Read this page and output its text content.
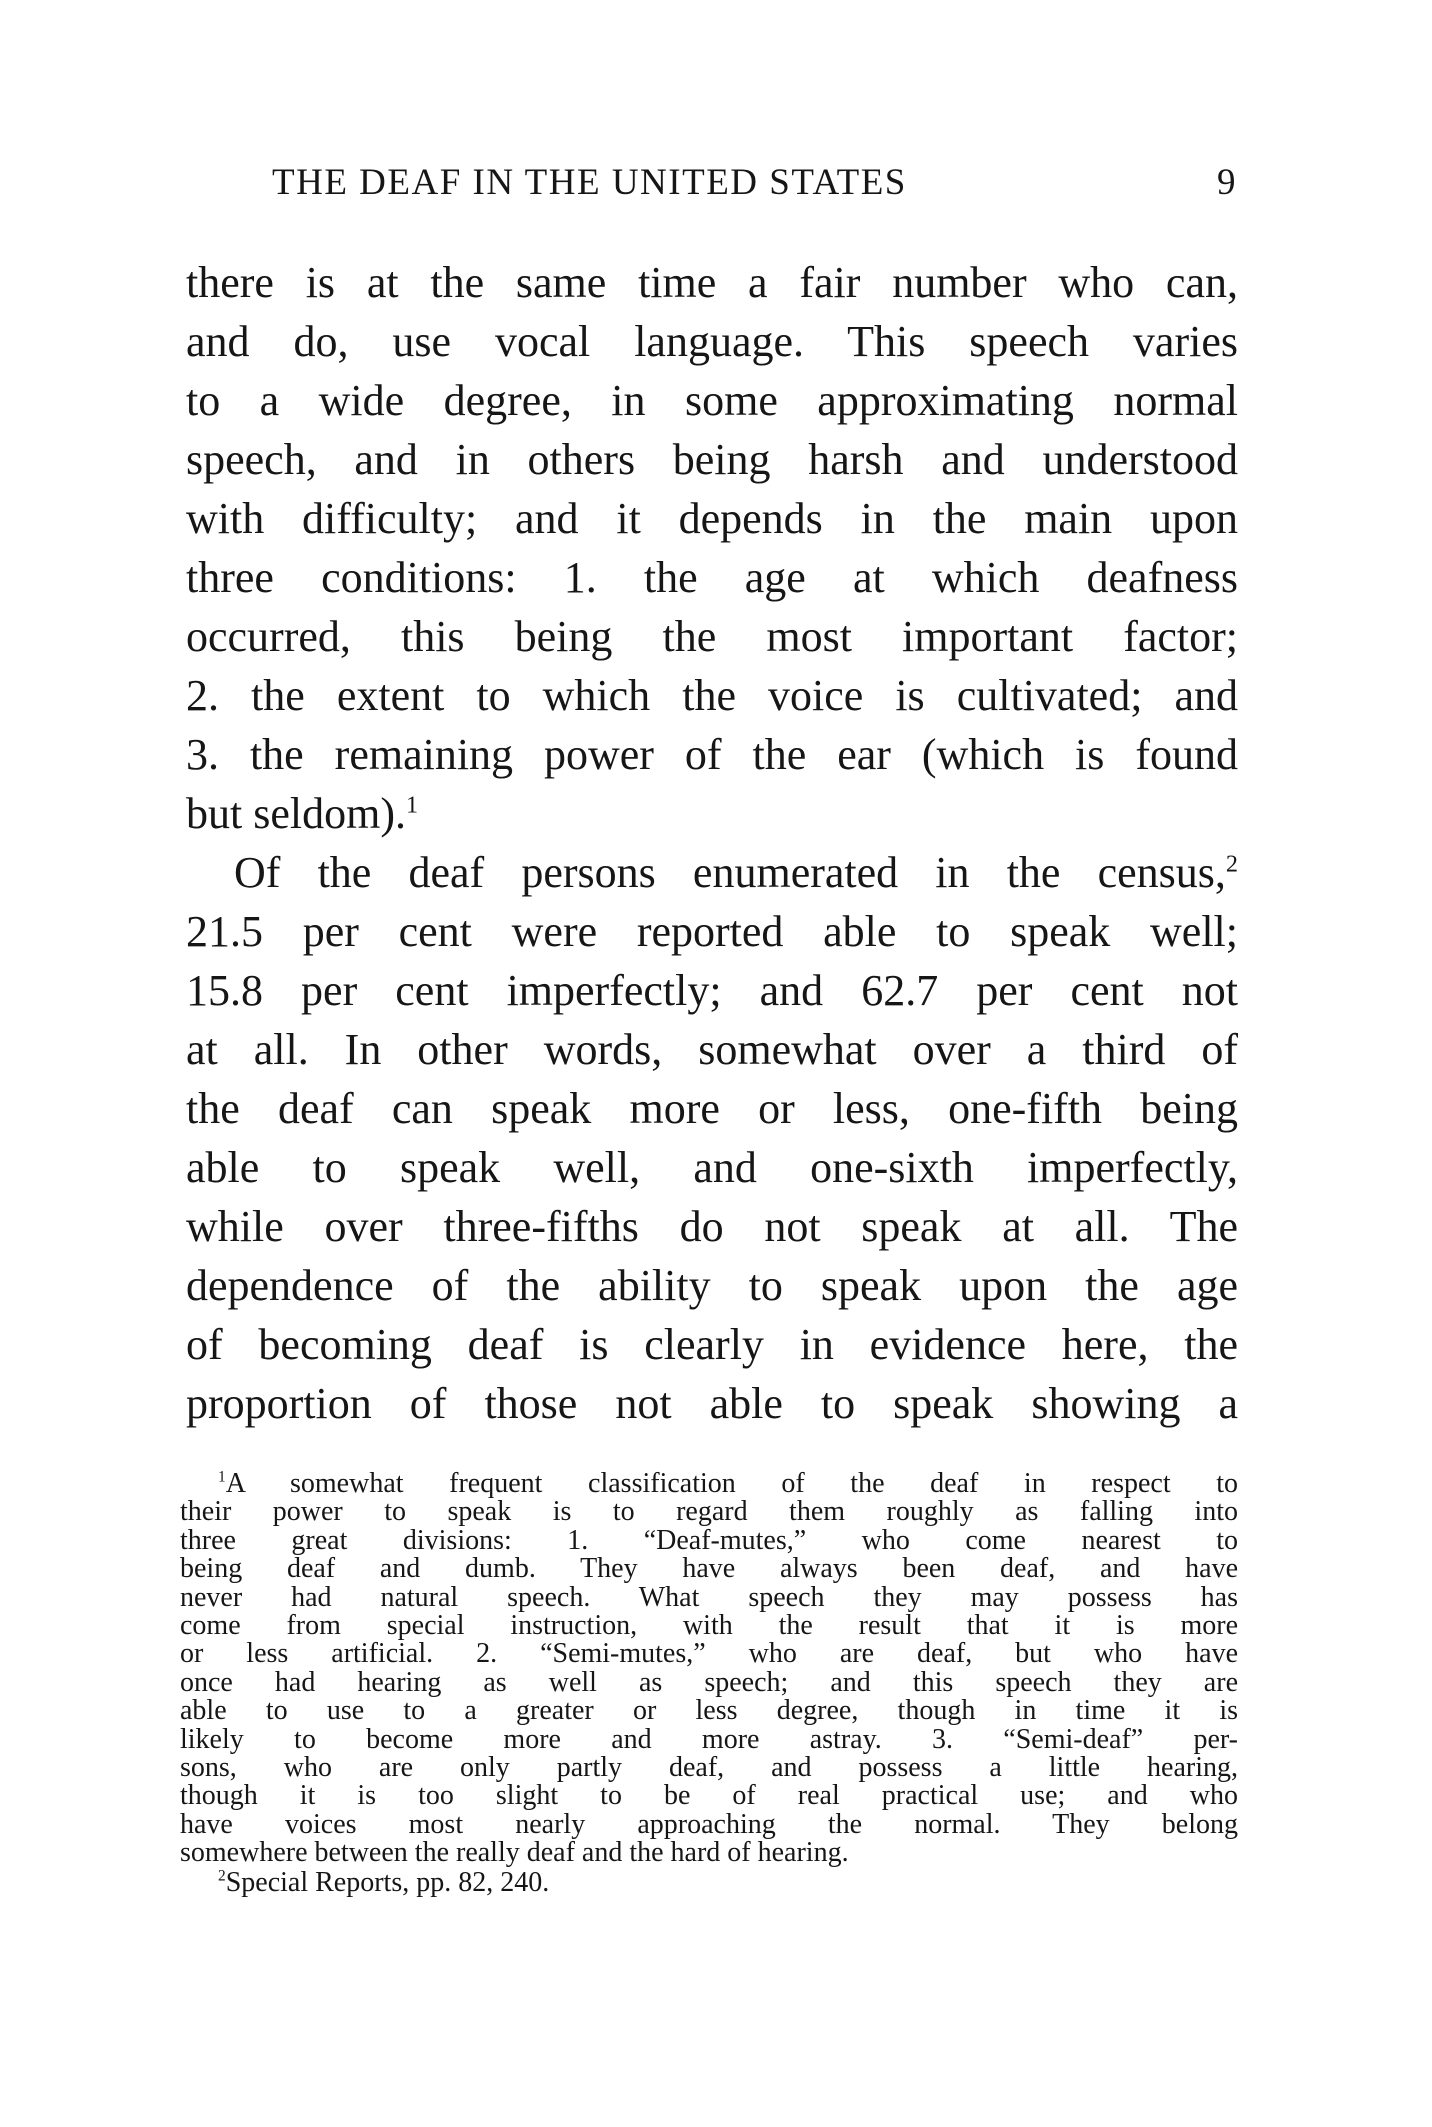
THE DEAF IN THE UNITED STATES	9
there is at the same time a fair number who can,
and do, use vocal language. This speech varies
to a wide degree, in some approximating normal
speech, and in others being harsh and understood
with difficulty; and it depends in the main upon
three conditions: 1. the age at which deafness
occurred, this being the most important factor;
2. the extent to which the voice is cultivated; and
3. the remaining power of the ear (which is found
but seldom).$^1$
Of the deaf persons enumerated in the census,$^2$
21.5 per cent were reported able to speak well;
15.8 per cent imperfectly; and 62.7 per cent not
at all. In other words, somewhat over a third of
the deaf can speak more or less, one-fifth being
able to speak well, and one-sixth imperfectly,
while over three-fifths do not speak at all. The
dependence of the ability to speak upon the age
of becoming deaf is clearly in evidence here, the
proportion of those not able to speak showing a
$^1$A somewhat frequent classification of the deaf in respect to
their power to speak is to regard them roughly as falling into
three great divisions: 1. “Deaf-mutes,” who come nearest to
being deaf and dumb. They have always been deaf, and have
never had natural speech. What speech they may possess has
come from special instruction, with the result that it is more
or less artificial. 2. “Semi-mutes,” who are deaf, but who have
once had hearing as well as speech; and this speech they are
able to use to a greater or less degree, though in time it is
likely to become more and more astray. 3. “Semi-deaf” per-
sons, who are only partly deaf, and possess a little hearing,
though it is too slight to be of real practical use; and who
have voices most nearly approaching the normal. They belong
somewhere between the really deaf and the hard of hearing.
$^2$Special Reports, pp. 82, 240.
